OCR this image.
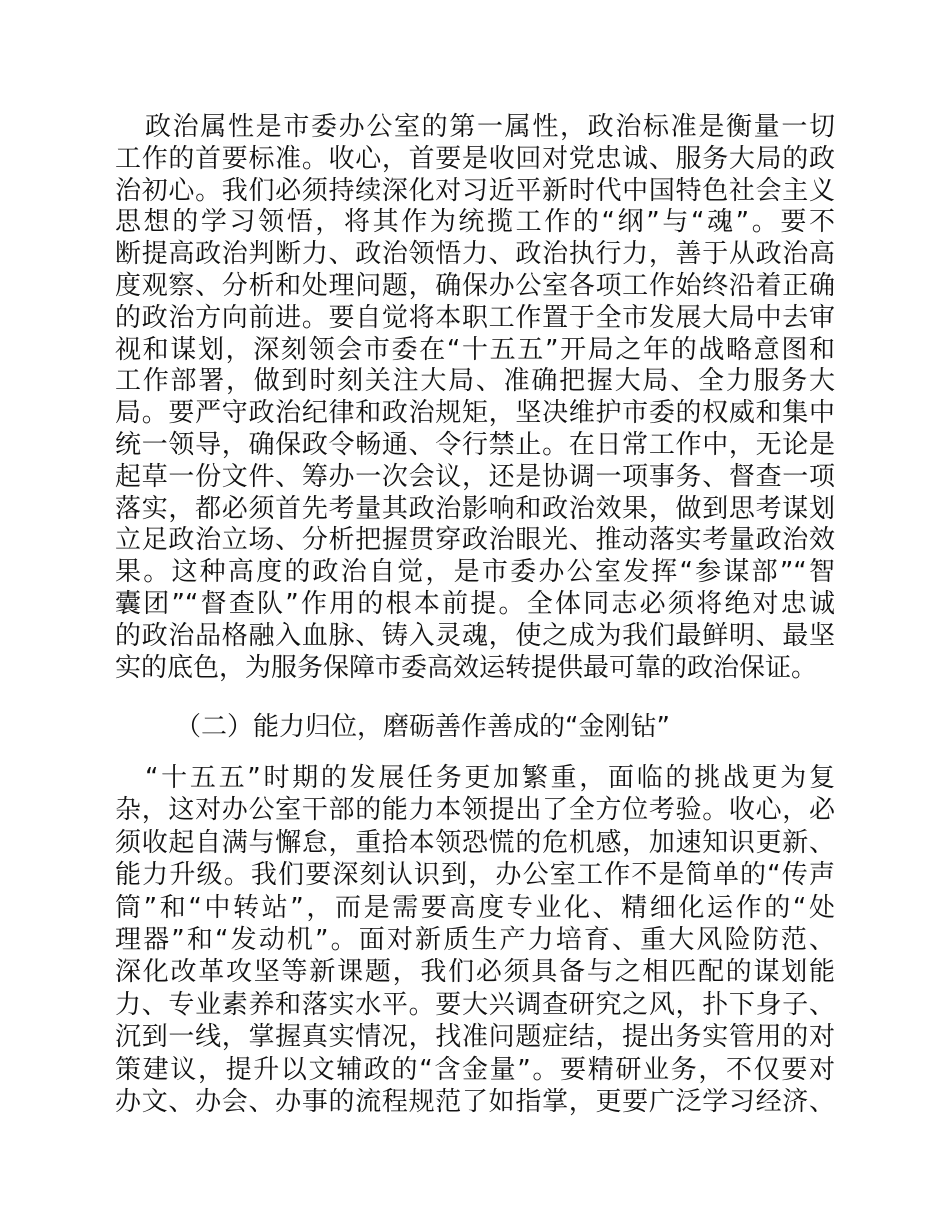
政治属性是市委办公室的第一属性，政治标准是衡量一切
工作的首要标准。收心，首要是收回对党忠诚、服务大局的政
治初心。我们必须持续深化对习近平新时代中国特色社会主义
思想的学习领悟，将其作为统揽工作的“纲”与“魂”。要不
断提高政治判断力、政治领悟力、政治执行力，善于从政治高
度观察、分析和处理问题，确保办公室各项工作始终沿着正确
的政治方向前进。要自觉将本职工作置于全市发展大局中去审
视和谋划，深刻领会市委在“十五五”开局之年的战略意图和
工作部署，做到时刻关注大局、准确把握大局、全力服务大
局。要严守政治纪律和政治规矩，坚决维护市委的权威和集中
统一领导，确保政令畅通、令行禁止。在日常工作中，无论是
起草一份文件、筹办一次会议，还是协调一项事务、督查一项
落实，都必须首先考量其政治影响和政治效果，做到思考谋划
立足政治立场、分析把握贯穿政治眼光、推动落实考量政治效
果。这种高度的政治自觉，是市委办公室发挥“参谋部”“智
囊团”“督查队”作用的根本前提。全体同志必须将绝对忠诚
的政治品格融入血脉、铸入灵魂，使之成为我们最鲜明、最坚
实的底色，为服务保障市委高效运转提供最可靠的政治保证。
（二）能力归位，磨砺善作善成的“金刚钻”
“十五五”时期的发展任务更加繁重，面临的挑战更为复
杂，这对办公室干部的能力本领提出了全方位考验。收心，必
须收起自满与懈怠，重拾本领恐慌的危机感，加速知识更新、
能力升级。我们要深刻认识到，办公室工作不是简单的“传声
筒”和“中转站”，而是需要高度专业化、精细化运作的“处
理器”和“发动机”。面对新质生产力培育、重大风险防范、
深化改革攻坚等新课题，我们必须具备与之相匹配的谋划能
力、专业素养和落实水平。要大兴调查研究之风，扑下身子、
沉到一线，掌握真实情况，找准问题症结，提出务实管用的对
策建议，提升以文辅政的“含金量”。要精研业务，不仅要对
办文、办会、办事的流程规范了如指掌，更要广泛学习经济、
